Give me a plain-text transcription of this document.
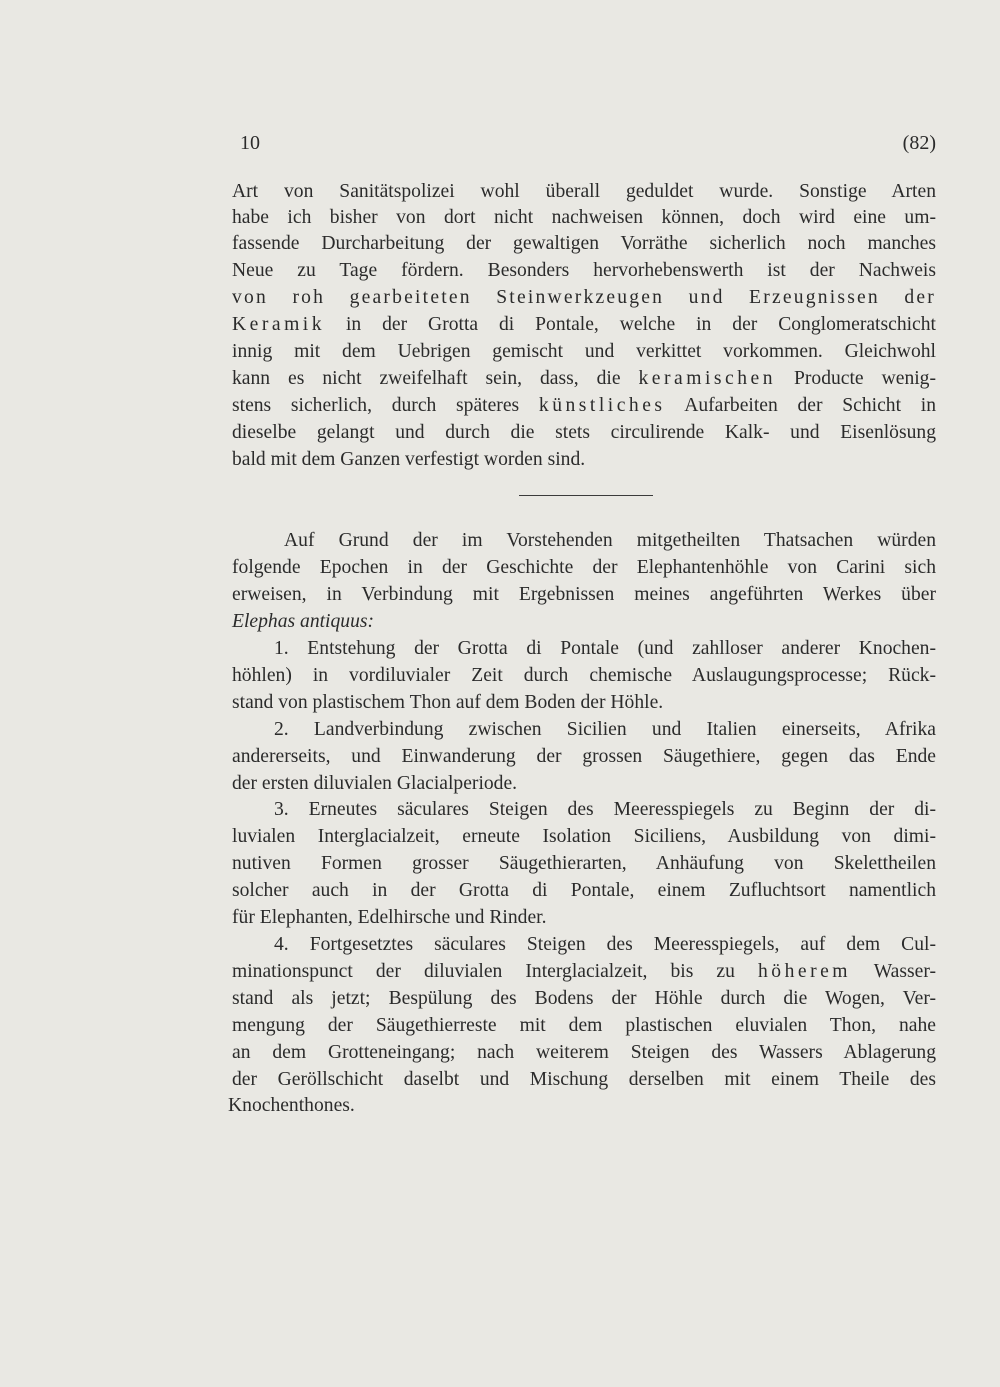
10	(82)
Art von Sanitätspolizei wohl überall geduldet wurde. Sonstige Arten
habe ich bisher von dort nicht nachweisen können, doch wird eine um-
fassende Durcharbeitung der gewaltigen Vorräthe sicherlich noch manches
Neue zu Tage fördern. Besonders hervorhebenswerth ist der Nachweis
von roh gearbeiteten Steinwerkzeugen und Erzeugnissen der
Keramik in der Grotta di Pontale, welche in der Conglomeratschicht
innig mit dem Uebrigen gemischt und verkittet vorkommen. Gleichwohl
kann es nicht zweifelhaft sein, dass, die keramischen Producte wenig-
stens sicherlich, durch späteres künstliches Aufarbeiten der Schicht in
dieselbe gelangt und durch die stets circulirende Kalk- und Eisenlösung
bald mit dem Ganzen verfestigt worden sind.
Auf Grund der im Vorstehenden mitgetheilten Thatsachen würden
folgende Epochen in der Geschichte der Elephantenhöhle von Carini sich
erweisen, in Verbindung mit Ergebnissen meines angeführten Werkes über
Elephas antiquus:
1. Entstehung der Grotta di Pontale (und zahlloser anderer Knochen-
höhlen) in vordiluvialer Zeit durch chemische Auslaugungsprocesse; Rück-
stand von plastischem Thon auf dem Boden der Höhle.
2. Landverbindung zwischen Sicilien und Italien einerseits, Afrika
andererseits, und Einwanderung der grossen Säugethiere, gegen das Ende
der ersten diluvialen Glacialperiode.
3. Erneutes säculares Steigen des Meeresspiegels zu Beginn der di-
luvialen Interglacialzeit, erneute Isolation Siciliens, Ausbildung von dimi-
nutiven Formen grosser Säugethierarten, Anhäufung von Skelettheilen
solcher auch in der Grotta di Pontale, einem Zufluchtsort namentlich
für Elephanten, Edelhirsche und Rinder.
4. Fortgesetztes säculares Steigen des Meeresspiegels, auf dem Cul-
minationspunct der diluvialen Interglacialzeit, bis zu höherem Wasser-
stand als jetzt; Bespülung des Bodens der Höhle durch die Wogen, Ver-
mengung der Säugethierreste mit dem plastischen eluvialen Thon, nahe
an dem Grotteneingang; nach weiterem Steigen des Wassers Ablagerung
der Geröllschicht daselbt und Mischung derselben mit einem Theile des
Knochenthones.
